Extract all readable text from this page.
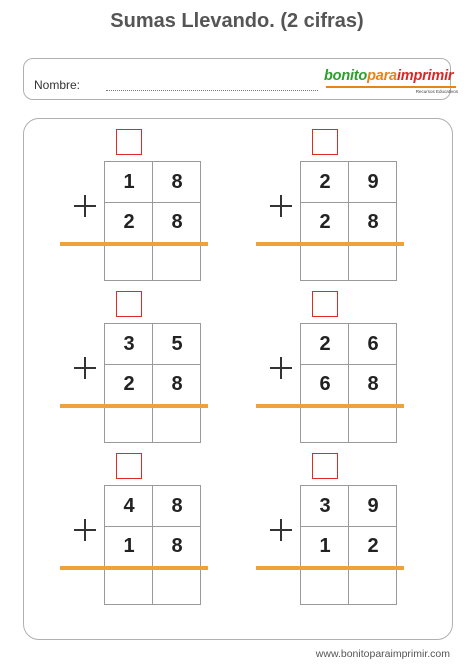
Sumas Llevando. (2 cifras)
Nombre:
bonitoparaimprimir
Recursos Educativos
1	8
2	8
2	9
2	8
3	5
2	8
2	6
6	8
4	8
1	8
3	9
1	2
www.bonitoparaimprimir.com
